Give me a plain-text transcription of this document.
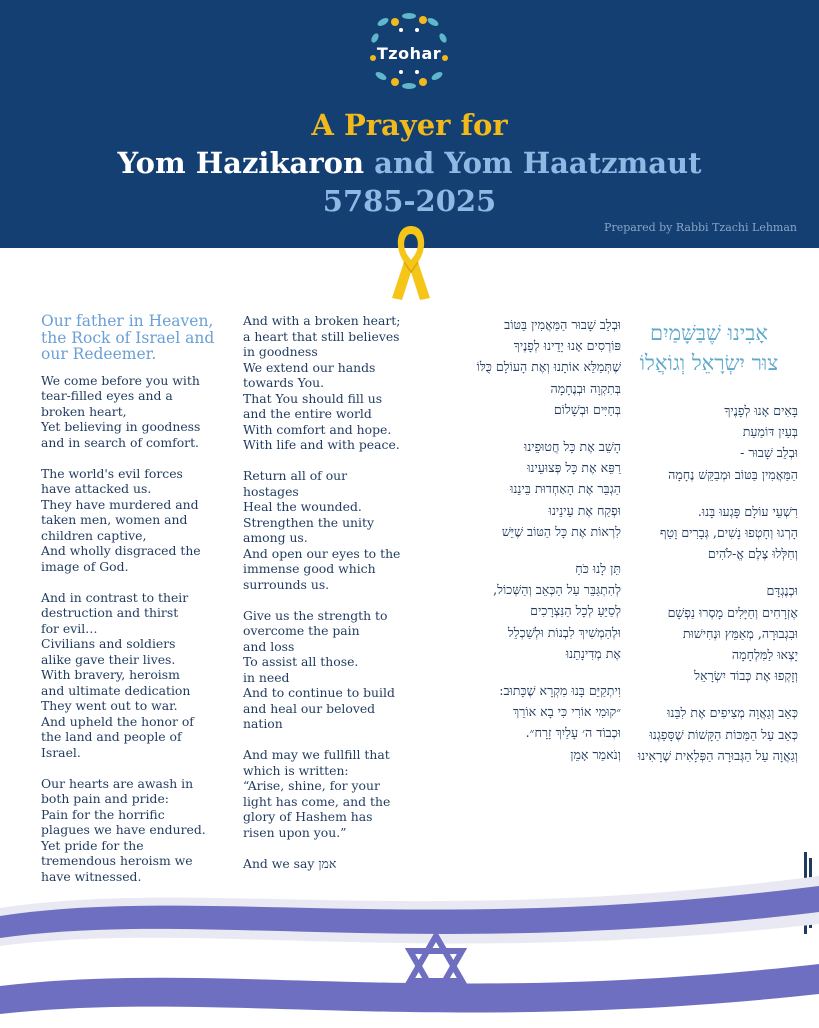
Tzohar
A Prayer for
Yom Hazikaron and Yom Haatzmaut
5785-2025
Prepared by Rabbi Tzachi Lehman
Our father in Heaven,
the Rock of Israel and
our Redeemer.

We come before you with
tear-filled eyes and a
broken heart,
Yet believing in goodness
and in search of comfort.

The world's evil forces
have attacked us.
They have murdered and
taken men, women and
children captive,
And wholly disgraced the
image of God.

And in contrast to their
destruction and thirst
for evil…
Civilians and soldiers
alike gave their lives.
With bravery, heroism
and ultimate dedication
They went out to war.
And upheld the honor of
the land and people of
Israel.

Our hearts are awash in
both pain and pride:
Pain for the horrific
plagues we have endured.
Yet pride for the
tremendous heroism we
have witnessed.

And with a broken heart;
a heart that still believes
in goodness
We extend our hands
towards You.
That You should fill us
and the entire world
With comfort and hope.
With life and with peace.

Return all of our
hostages
Heal the wounded.
Strengthen the unity
among us.
And open our eyes to the
immense good which
surrounds us.

Give us the strength to
overcome the pain
and loss
To assist all those.
in need
And to continue to build
and heal our beloved
nation

And may we fullfill that
which is written:
“Arise, shine, for your
light has come, and the
glory of Hashem has
risen upon you.”

And we say אמן

וּבְלֵב שָׁבוּר הַמַּאֲמִין בַּטּוֹב
פּוֹרְסִים אָנוּ יָדֵינוּ לְפָנֶיךָ
שֶׁתְּמַלֵּא אוֹתָנוּ וְאֶת הָעוֹלָם כֻּלּוֹ
בְּתִקְוָה וּבְנֶחָמָה
בְּחַיִּים וּבְשָׁלוֹם

הָשֵׁב אֶת כָּל חֲטוּפֵינוּ
רַפֵּא אֶת כָּל פְּצוּעֵינוּ
הַגְבֵּר אֶת הָאַחְדוּת בֵּינֵנוּ
וּפְקַח אֶת עֵינֵינוּ
לִרְאוֹת אֶת כָּל הַטּוֹב שֶׁיֵּשׁ

תֵּן לָנוּ כֹּחַ
לְהִתְגַּבֵּר עַל הַכְּאֵב וְהַשְּׁכוֹל,
לְסַיֵּעַ לְכָל הַנִּצְרָכִים
וּלְהַמְשִׁיךְ לִבְנוֹת וּלְשַׁכְלֵל
אֶת מְדִינָתֵנוּ

וִיתְקַיֵּם בָּנוּ מִקְרָא שֶׁכָּתוּב:
״קוּמִי אוֹרִי כִּי בָא אוֹרֵךְ
וּכְבוֹד ה׳ עָלַיִךְ זָרָח״.
וְנֹאמַר אָמֵן

אָבִינוּ שֶׁבַּשָּׁמַיִם
צוּר יִשְׂרָאֵל וְגוֹאֲלוֹ

בָּאִים אָנוּ לְפָנֶיךָ
בְּעַיִן דּוֹמַעַת
וּבְלֵב שָׁבוּר -
הַמַּאֲמִין בַּטּוֹב וּמְבַקֵּשׁ נֶחָמָה

רִשְׁעֵי עוֹלָם פָּגְעוּ בָּנוּ.
הָרְגוּ וְחָטְפוּ נָשִׁים, גְּבָרִים וָטַף
וְחִלְּלוּ צֶלֶם אֱ-לֹהִים

וּכְנֶגְדָּם
אֶזְרָחִים וְחַיָּלִים מָסְרוּ נַפְשָׁם
וּבִגְבוּרָה, מְאַמֵּץ וּנְחִישׁוּת
יָצְאוּ לַמִּלְחָמָה
וְזָקְפוּ אֶת כְּבוֹד יִשְׂרָאֵל

כְּאֵב וְגַאֲוָה מְצִיפִים אֶת לִבֵּנוּ
כְּאֵב עַל הַמַּכּוֹת הַקָּשׁוֹת שֶׁסָּפַגְנוּ
וְגַאֲוָה עַל הַגְּבוּרָה הַפְּלָאִית שֶׁרָאִינוּ
